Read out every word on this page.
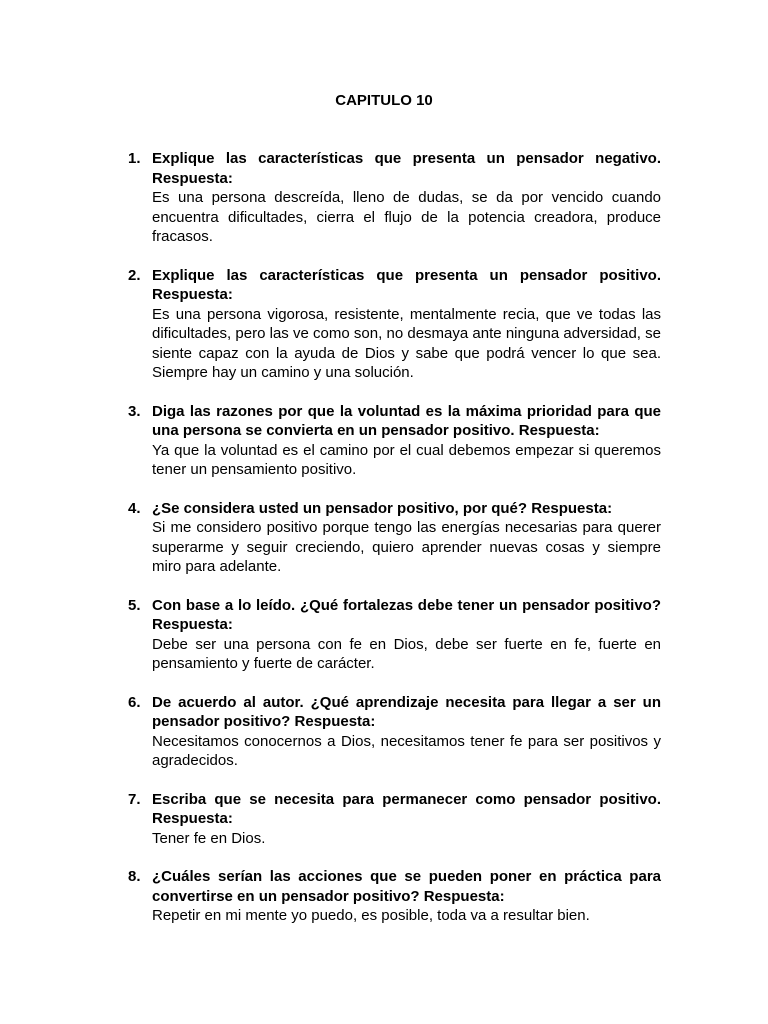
CAPITULO 10
1. Explique las características que presenta un pensador negativo. Respuesta:
Es una persona descreída, lleno de dudas, se da por vencido cuando encuentra dificultades, cierra el flujo de la potencia creadora, produce fracasos.
2. Explique las características que presenta un pensador positivo. Respuesta:
Es una persona vigorosa, resistente, mentalmente recia, que ve todas las dificultades, pero las ve como son, no desmaya ante ninguna adversidad, se siente capaz con la ayuda de Dios y sabe que podrá vencer lo que sea. Siempre hay un camino y una solución.
3. Diga las razones por que la voluntad es la máxima prioridad para que una persona se convierta en un pensador positivo. Respuesta:
Ya que la voluntad es el camino por el cual debemos empezar si queremos tener un pensamiento positivo.
4. ¿Se considera usted un pensador positivo, por qué? Respuesta:
Si me considero positivo porque tengo las energías necesarias para querer superarme y seguir creciendo, quiero aprender nuevas cosas y siempre miro para adelante.
5. Con base a lo leído. ¿Qué fortalezas debe tener un pensador positivo? Respuesta:
Debe ser una persona con fe en Dios, debe ser fuerte en fe, fuerte en pensamiento y fuerte de carácter.
6. De acuerdo al autor. ¿Qué aprendizaje necesita para llegar a ser un pensador positivo? Respuesta:
Necesitamos conocernos a Dios, necesitamos tener fe para ser positivos y agradecidos.
7. Escriba que se necesita para permanecer como pensador positivo. Respuesta:
Tener fe en Dios.
8. ¿Cuáles serían las acciones que se pueden poner en práctica para convertirse en un pensador positivo? Respuesta:
Repetir en mi mente yo puedo, es posible, toda va a resultar bien.
